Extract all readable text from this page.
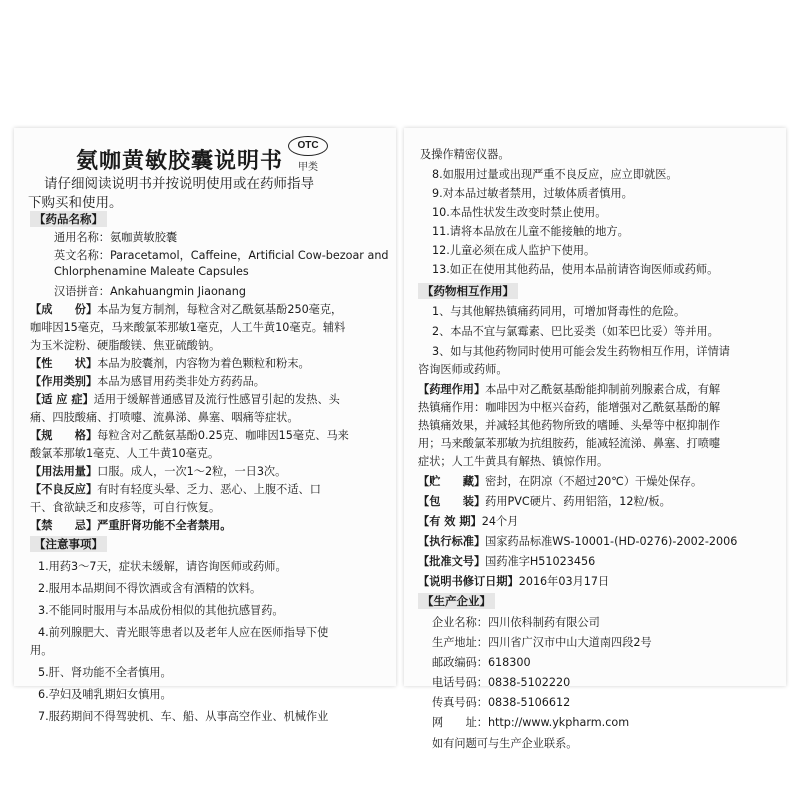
氨咖黄敏胶囊说明书
OTC
甲类
请仔细阅读说明书并按说明使用或在药师指导
下购买和使用。
【药品名称】
通用名称：氨咖黄敏胶囊
英文名称：Paracetamol，Caffeine，Artificial Cow-bezoar and
Chlorphenamine Maleate Capsules
汉语拼音：Ankahuangmin Jiaonang
【成　　份】本品为复方制剂，每粒含对乙酰氨基酚250毫克，
咖啡因15毫克，马来酸氯苯那敏1毫克，人工牛黄10毫克。辅料
为玉米淀粉、硬脂酸镁、焦亚硫酸钠。
【性　　状】本品为胶囊剂，内容物为着色颗粒和粉末。
【作用类别】本品为感冒用药类非处方药药品。
【适 应 症】适用于缓解普通感冒及流行性感冒引起的发热、头
痛、四肢酸痛、打喷嚏、流鼻涕、鼻塞、咽痛等症状。
【规　　格】每粒含对乙酰氨基酚0.25克、咖啡因15毫克、马来
酸氯苯那敏1毫克、人工牛黄10毫克。
【用法用量】口服。成人，一次1～2粒，一日3次。
【不良反应】有时有轻度头晕、乏力、恶心、上腹不适、口
干、食欲缺乏和皮疹等，可自行恢复。
【禁　　忌】严重肝肾功能不全者禁用。
【注意事项】
1.用药3～7天，症状未缓解，请咨询医师或药师。
2.服用本品期间不得饮酒或含有酒精的饮料。
3.不能同时服用与本品成份相似的其他抗感冒药。
4.前列腺肥大、青光眼等患者以及老年人应在医师指导下使
用。
5.肝、肾功能不全者慎用。
6.孕妇及哺乳期妇女慎用。
7.服药期间不得驾驶机、车、船、从事高空作业、机械作业
及操作精密仪器。
8.如服用过量或出现严重不良反应，应立即就医。
9.对本品过敏者禁用，过敏体质者慎用。
10.本品性状发生改变时禁止使用。
11.请将本品放在儿童不能接触的地方。
12.儿童必须在成人监护下使用。
13.如正在使用其他药品，使用本品前请咨询医师或药师。
【药物相互作用】
1、与其他解热镇痛药同用，可增加肾毒性的危险。
2、本品不宜与氯霉素、巴比妥类（如苯巴比妥）等并用。
3、如与其他药物同时使用可能会发生药物相互作用，详情请
咨询医师或药师。
【药理作用】本品中对乙酰氨基酚能抑制前列腺素合成，有解
热镇痛作用：咖啡因为中枢兴奋药，能增强对乙酰氨基酚的解
热镇痛效果，并减轻其他药物所致的嗜睡、头晕等中枢抑制作
用；马来酸氯苯那敏为抗组胺药，能减轻流涕、鼻塞、打喷嚏
症状；人工牛黄具有解热、镇惊作用。
【贮　　藏】密封，在阴凉（不超过20℃）干燥处保存。
【包　　装】药用PVC硬片、药用铝箔，12粒/板。
【有 效 期】24个月
【执行标准】国家药品标准WS-10001-(HD-0276)-2002-2006
【批准文号】国药准字H51023456
【说明书修订日期】2016年03月17日
【生产企业】
企业名称：四川依科制药有限公司
生产地址：四川省广汉市中山大道南四段2号
邮政编码：618300
电话号码：0838-5102220
传真号码：0838-5106612
网　　址：http://www.ykpharm.com
如有问题可与生产企业联系。
